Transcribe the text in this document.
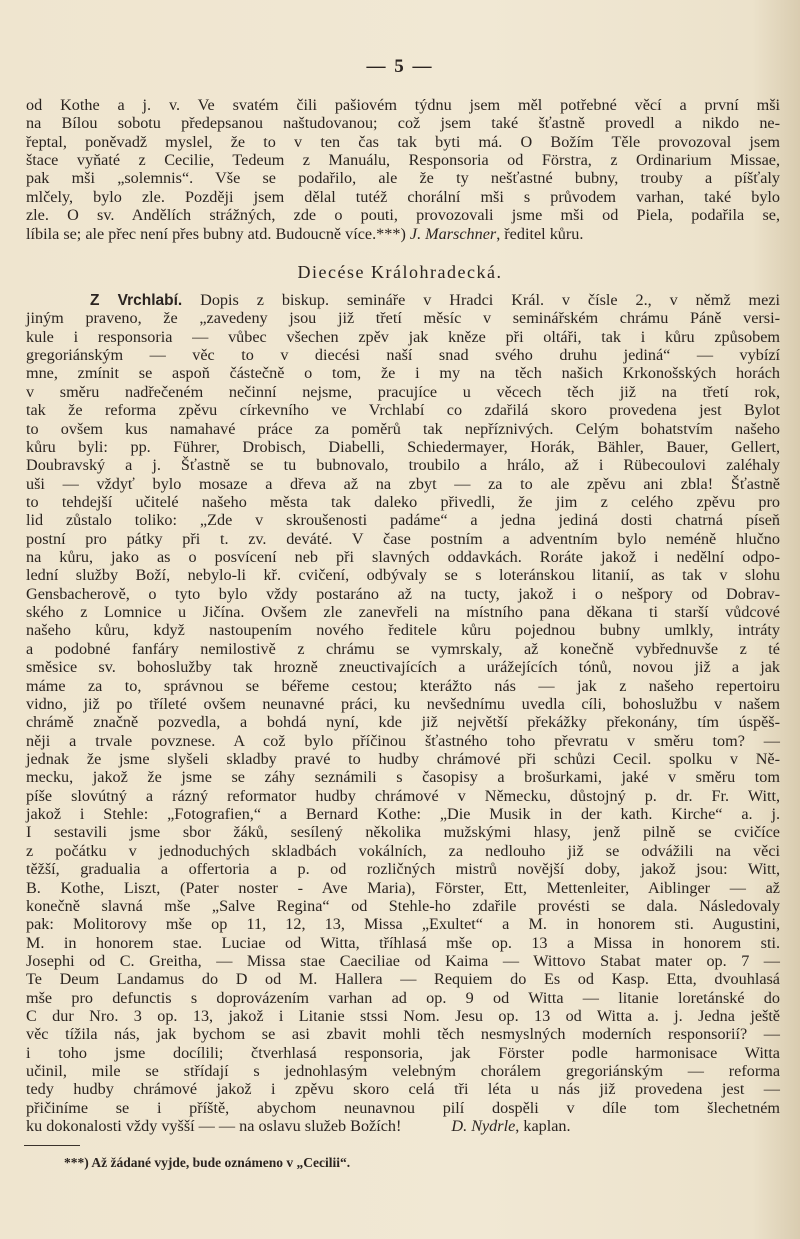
— 5 —
od Kothe a j. v. Ve svatém čili pašiovém týdnu jsem měl potřebné věcí a první mši
na Bílou sobotu předepsanou naštudovanou; což jsem také šťastně provedl a nikdo ne-
řeptal, poněvadž myslel, že to v ten čas tak byti má. O Božím Těle provozoval jsem
štace vyňaté z Cecilie, Tedeum z Manuálu, Responsoria od Förstra, z Ordinarium Missae,
pak mši „solemnis“. Vše se podařilo, ale že ty nešťastné bubny, trouby a píšťaly
mlčely, bylo zle. Později jsem dělal tutéž chorální mši s průvodem varhan, také bylo
zle. O sv. Andělích strážných, zde o pouti, provozovali jsme mši od Piela, podařila se,
líbila se; ale přec není přes bubny atd. Budoucně více.***) J. Marschner, ředitel kůru.
Diecése Králohradecká.
Z Vrchlabí. Dopis z biskup. semináře v Hradci Král. v čísle 2., v němž mezi
jiným praveno, že „zavedeny jsou již třetí měsíc v seminářském chrámu Páně versi-
kule i responsoria — vůbec všechen zpěv jak kněze při oltáři, tak i kůru způsobem
gregoriánským — věc to v diecési naší snad svého druhu jediná“ — vybízí
mne, zmínit se aspoň částečně o tom, že i my na těch našich Krkonošských horách
v směru nadřečeném nečinní nejsme, pracujíce u věcech těch již na třetí rok,
tak že reforma zpěvu církevního ve Vrchlabí co zdařilá skoro provedena jest Bylot
to ovšem kus namahavé práce za poměrů tak nepříznivých. Celým bohatstvím našeho
kůru byli: pp. Führer, Drobisch, Diabelli, Schiedermayer, Horák, Bähler, Bauer, Gellert,
Doubravský a j. Šťastně se tu bubnovalo, troubilo a hrálo, až i Rübecoulovi zaléhaly
uši — vždyť bylo mosaze a dřeva až na zbyt — za to ale zpěvu ani zbla! Šťastně
to tehdejší učitelé našeho města tak daleko přivedli, že jim z celého zpěvu pro
lid zůstalo toliko: „Zde v skroušenosti padáme“ a jedna jediná dosti chatrná píseň
postní pro pátky při t. zv. deváté. V čase postním a adventním bylo neméně hlučno
na kůru, jako as o posvícení neb při slavných oddavkách. Roráte jakož i nedělní odpo-
lední služby Boží, nebylo-li kř. cvičení, odbývaly se s loteránskou litanií, as tak v slohu
Gensbacherově, o tyto bylo vždy postaráno až na tucty, jakož i o nešpory od Dobrav-
ského z Lomnice u Jičína. Ovšem zle zanevřeli na místního pana děkana ti starší vůdcové
našeho kůru, když nastoupením nového ředitele kůru pojednou bubny umlkly, intráty
a podobné fanfáry nemilostivě z chrámu se vymrskaly, až konečně vybřednuvše z té
směsice sv. bohoslužby tak hrozně zneuctivajících a urážejících tónů, novou již a jak
máme za to, správnou se béřeme cestou; kterážto nás — jak z našeho repertoiru
vidno, již po tříleté ovšem neunavné práci, ku nevšednímu uvedla cíli, bohoslužbu v našem
chrámě značně pozvedla, a bohdá nyní, kde již největší překážky překonány, tím úspěš-
něji a trvale povznese. A což bylo příčinou šťastného toho převratu v směru tom? —
jednak že jsme slyšeli skladby pravé to hudby chrámové při schůzi Cecil. spolku v Ně-
mecku, jakož že jsme se záhy seznámili s časopisy a brošurkami, jaké v směru tom
píše slovútný a rázný reformator hudby chrámové v Německu, důstojný p. dr. Fr. Witt,
jakož i Stehle: „Fotografien,“ a Bernard Kothe: „Die Musik in der kath. Kirche“ a. j.
I sestavili jsme sbor žáků, sesílený několika mužskými hlasy, jenž pilně se cvičíce
z počátku v jednoduchých skladbách vokálních, za nedlouho již se odvážili na věci
těžší, gradualia a offertoria a p. od rozličných mistrů novější doby, jakož jsou: Witt,
B. Kothe, Liszt, (Pater noster - Ave Maria), Förster, Ett, Mettenleiter, Aiblinger — až
konečně slavná mše „Salve Regina“ od Stehle-ho zdařile provésti se dala. Následovaly
pak: Molitorovy mše op 11, 12, 13, Missa „Exultet“ a M. in honorem sti. Augustini,
M. in honorem stae. Luciae od Witta, tříhlasá mše op. 13 a Missa in honorem sti.
Josephi od C. Greitha, — Missa stae Caeciliae od Kaima — Wittovo Stabat mater op. 7 —
Te Deum Landamus do D od M. Hallera — Requiem do Es od Kasp. Etta, dvouhlasá
mše pro defunctis s doprovázením varhan ad op. 9 od Witta — litanie loretánské do
C dur Nro. 3 op. 13, jakož i Litanie stssi Nom. Jesu op. 13 od Witta a. j. Jedna ještě
věc tížila nás, jak bychom se asi zbavit mohli těch nesmyslných moderních responsorií? —
i toho jsme docílili; čtverhlasá responsoria, jak Förster podle harmonisace Witta
učinil, mile se střídají s jednohlasým velebným chorálem gregoriánským — reforma
tedy hudby chrámové jakož i zpěvu skoro celá tři léta u nás již provedena jest —
přičiníme se i příště, abychom neunavnou pilí dospěli v díle tom šlechetném
ku dokonalosti vždy vyšší — — na oslavu služeb Božích!	D. Nydrle, kaplan.
***) Až žádané vyjde, bude oznámeno v „Cecilii“.
